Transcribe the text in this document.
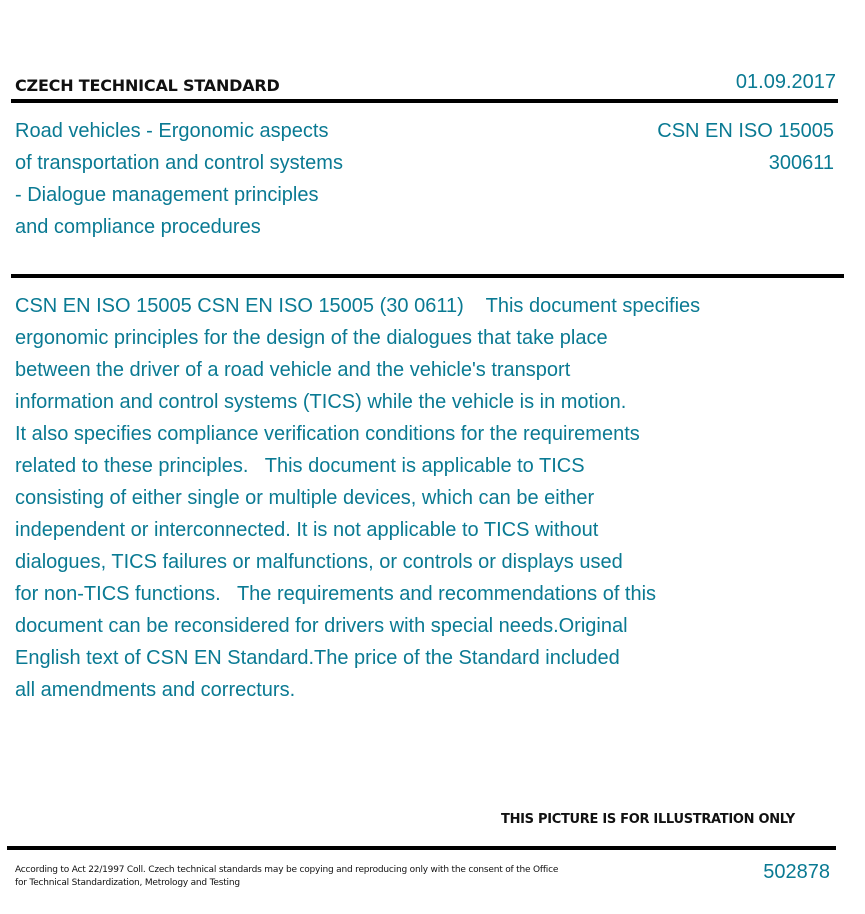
CZECH TECHNICAL STANDARD	01.09.2017
Road vehicles - Ergonomic aspects
of transportation and control systems
- Dialogue management principles
and compliance procedures
CSN EN ISO 15005
300611
CSN EN ISO 15005 CSN EN ISO 15005 (30 0611)    This document specifies
ergonomic principles for the design of the dialogues that take place
between the driver of a road vehicle and the vehicle's transport
information and control systems (TICS) while the vehicle is in motion.
It also specifies compliance verification conditions for the requirements
related to these principles.   This document is applicable to TICS
consisting of either single or multiple devices, which can be either
independent or interconnected. It is not applicable to TICS without
dialogues, TICS failures or malfunctions, or controls or displays used
for non-TICS functions.   The requirements and recommendations of this
document can be reconsidered for drivers with special needs.Original
English text of CSN EN Standard.The price of the Standard included
all amendments and correcturs.
THIS PICTURE IS FOR ILLUSTRATION ONLY
According to Act 22/1997 Coll. Czech technical standards may be copying and reproducing only with the consent of the Office
for Technical Standardization, Metrology and Testing	502878
